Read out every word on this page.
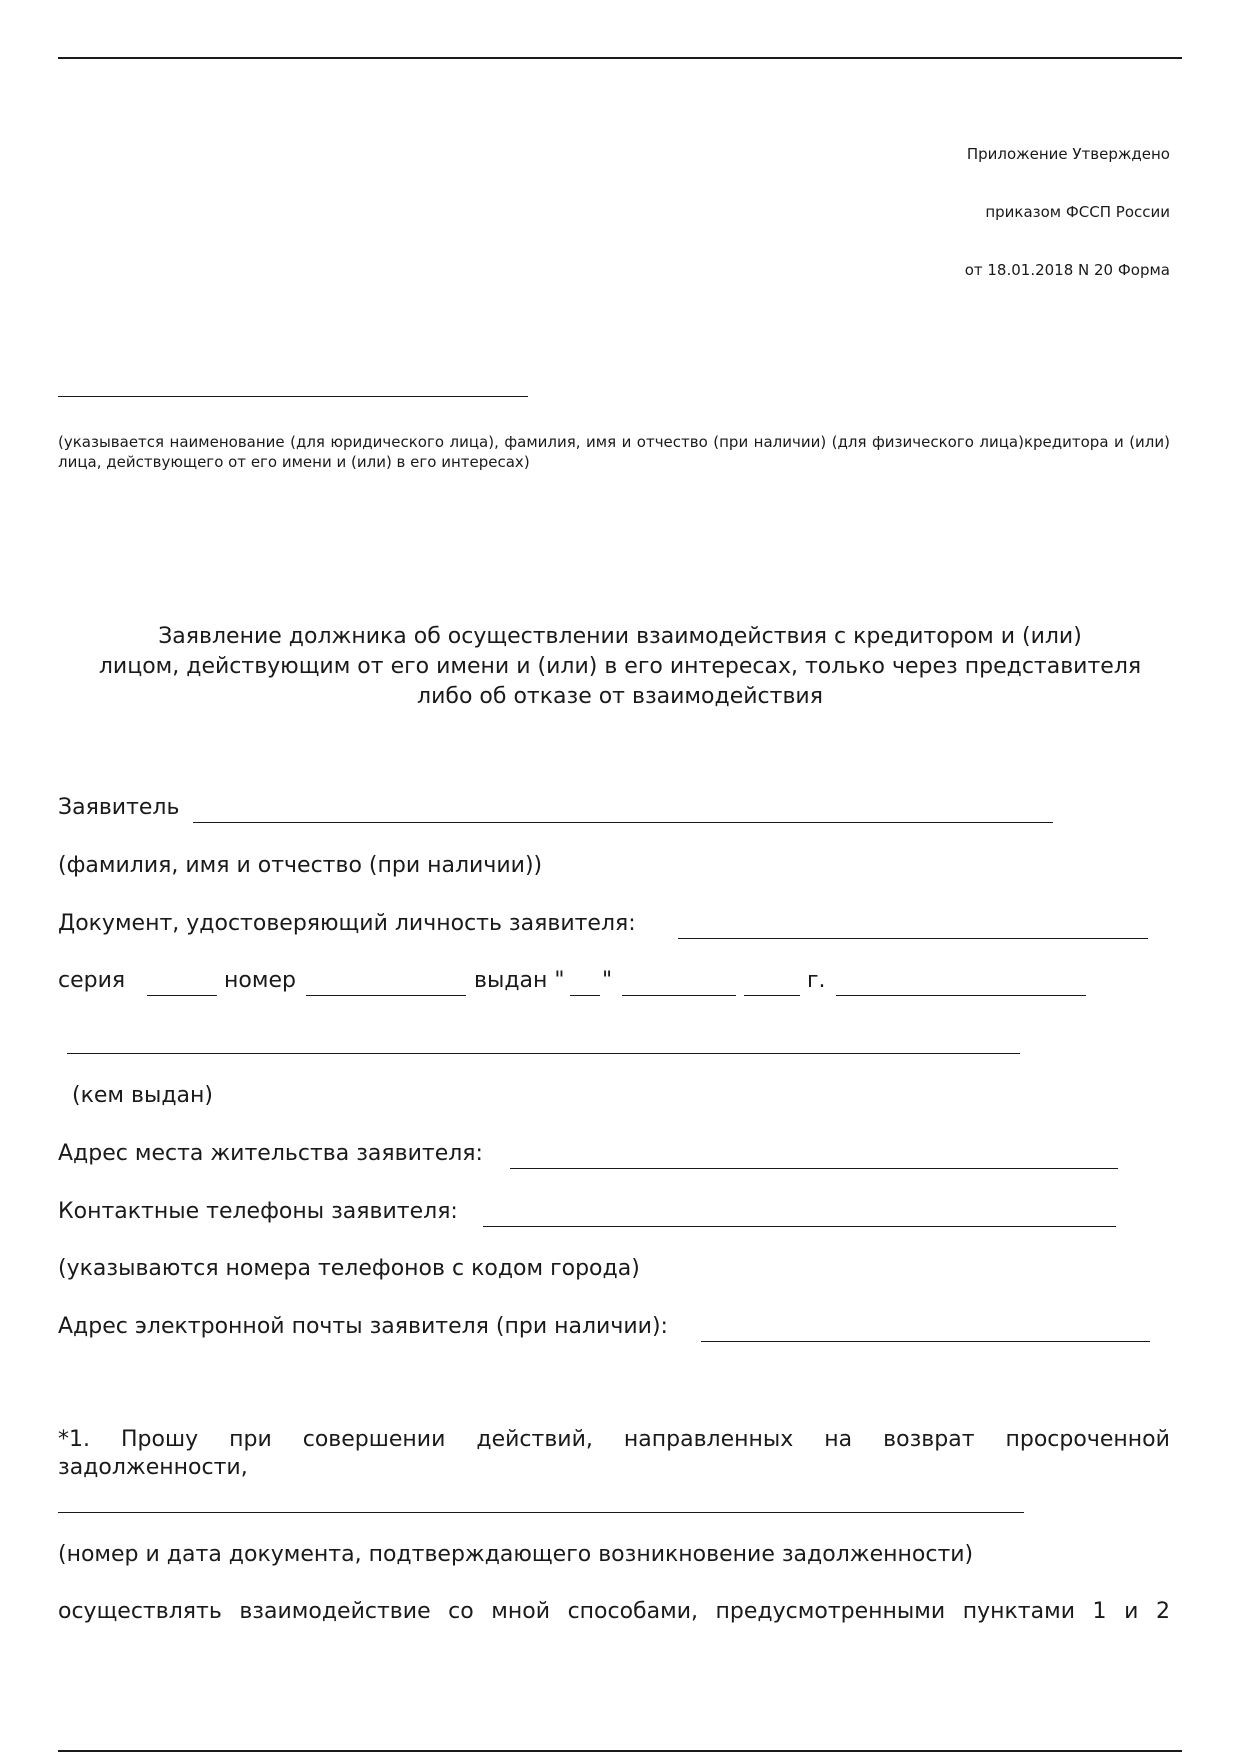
Приложение Утверждено
приказом ФССП России
от 18.01.2018 N 20 Форма
(указывается наименование (для юридического лица), фамилия, имя и отчество (при наличии) (для физического лица)кредитора и (или) лица, действующего от его имени и (или) в его интересах)
Заявление должника об осуществлении взаимодействия с кредитором и (или)
лицом, действующим от его имени и (или) в его интересах, только через представителя
либо об отказе от взаимодействия
Заявитель
(фамилия, имя и отчество (при наличии))
Документ, удостоверяющий личность заявителя:
серия	номер	выдан " "	г.
(кем выдан)
Адрес места жительства заявителя:
Контактные телефоны заявителя:
(указываются номера телефонов с кодом города)
Адрес электронной почты заявителя (при наличии):
*1. Прошу при совершении действий, направленных на возврат просроченной
задолженности,
(номер и дата документа, подтверждающего возникновение задолженности)
осуществлять взаимодействие со мной способами, предусмотренными пунктами 1 и 2
